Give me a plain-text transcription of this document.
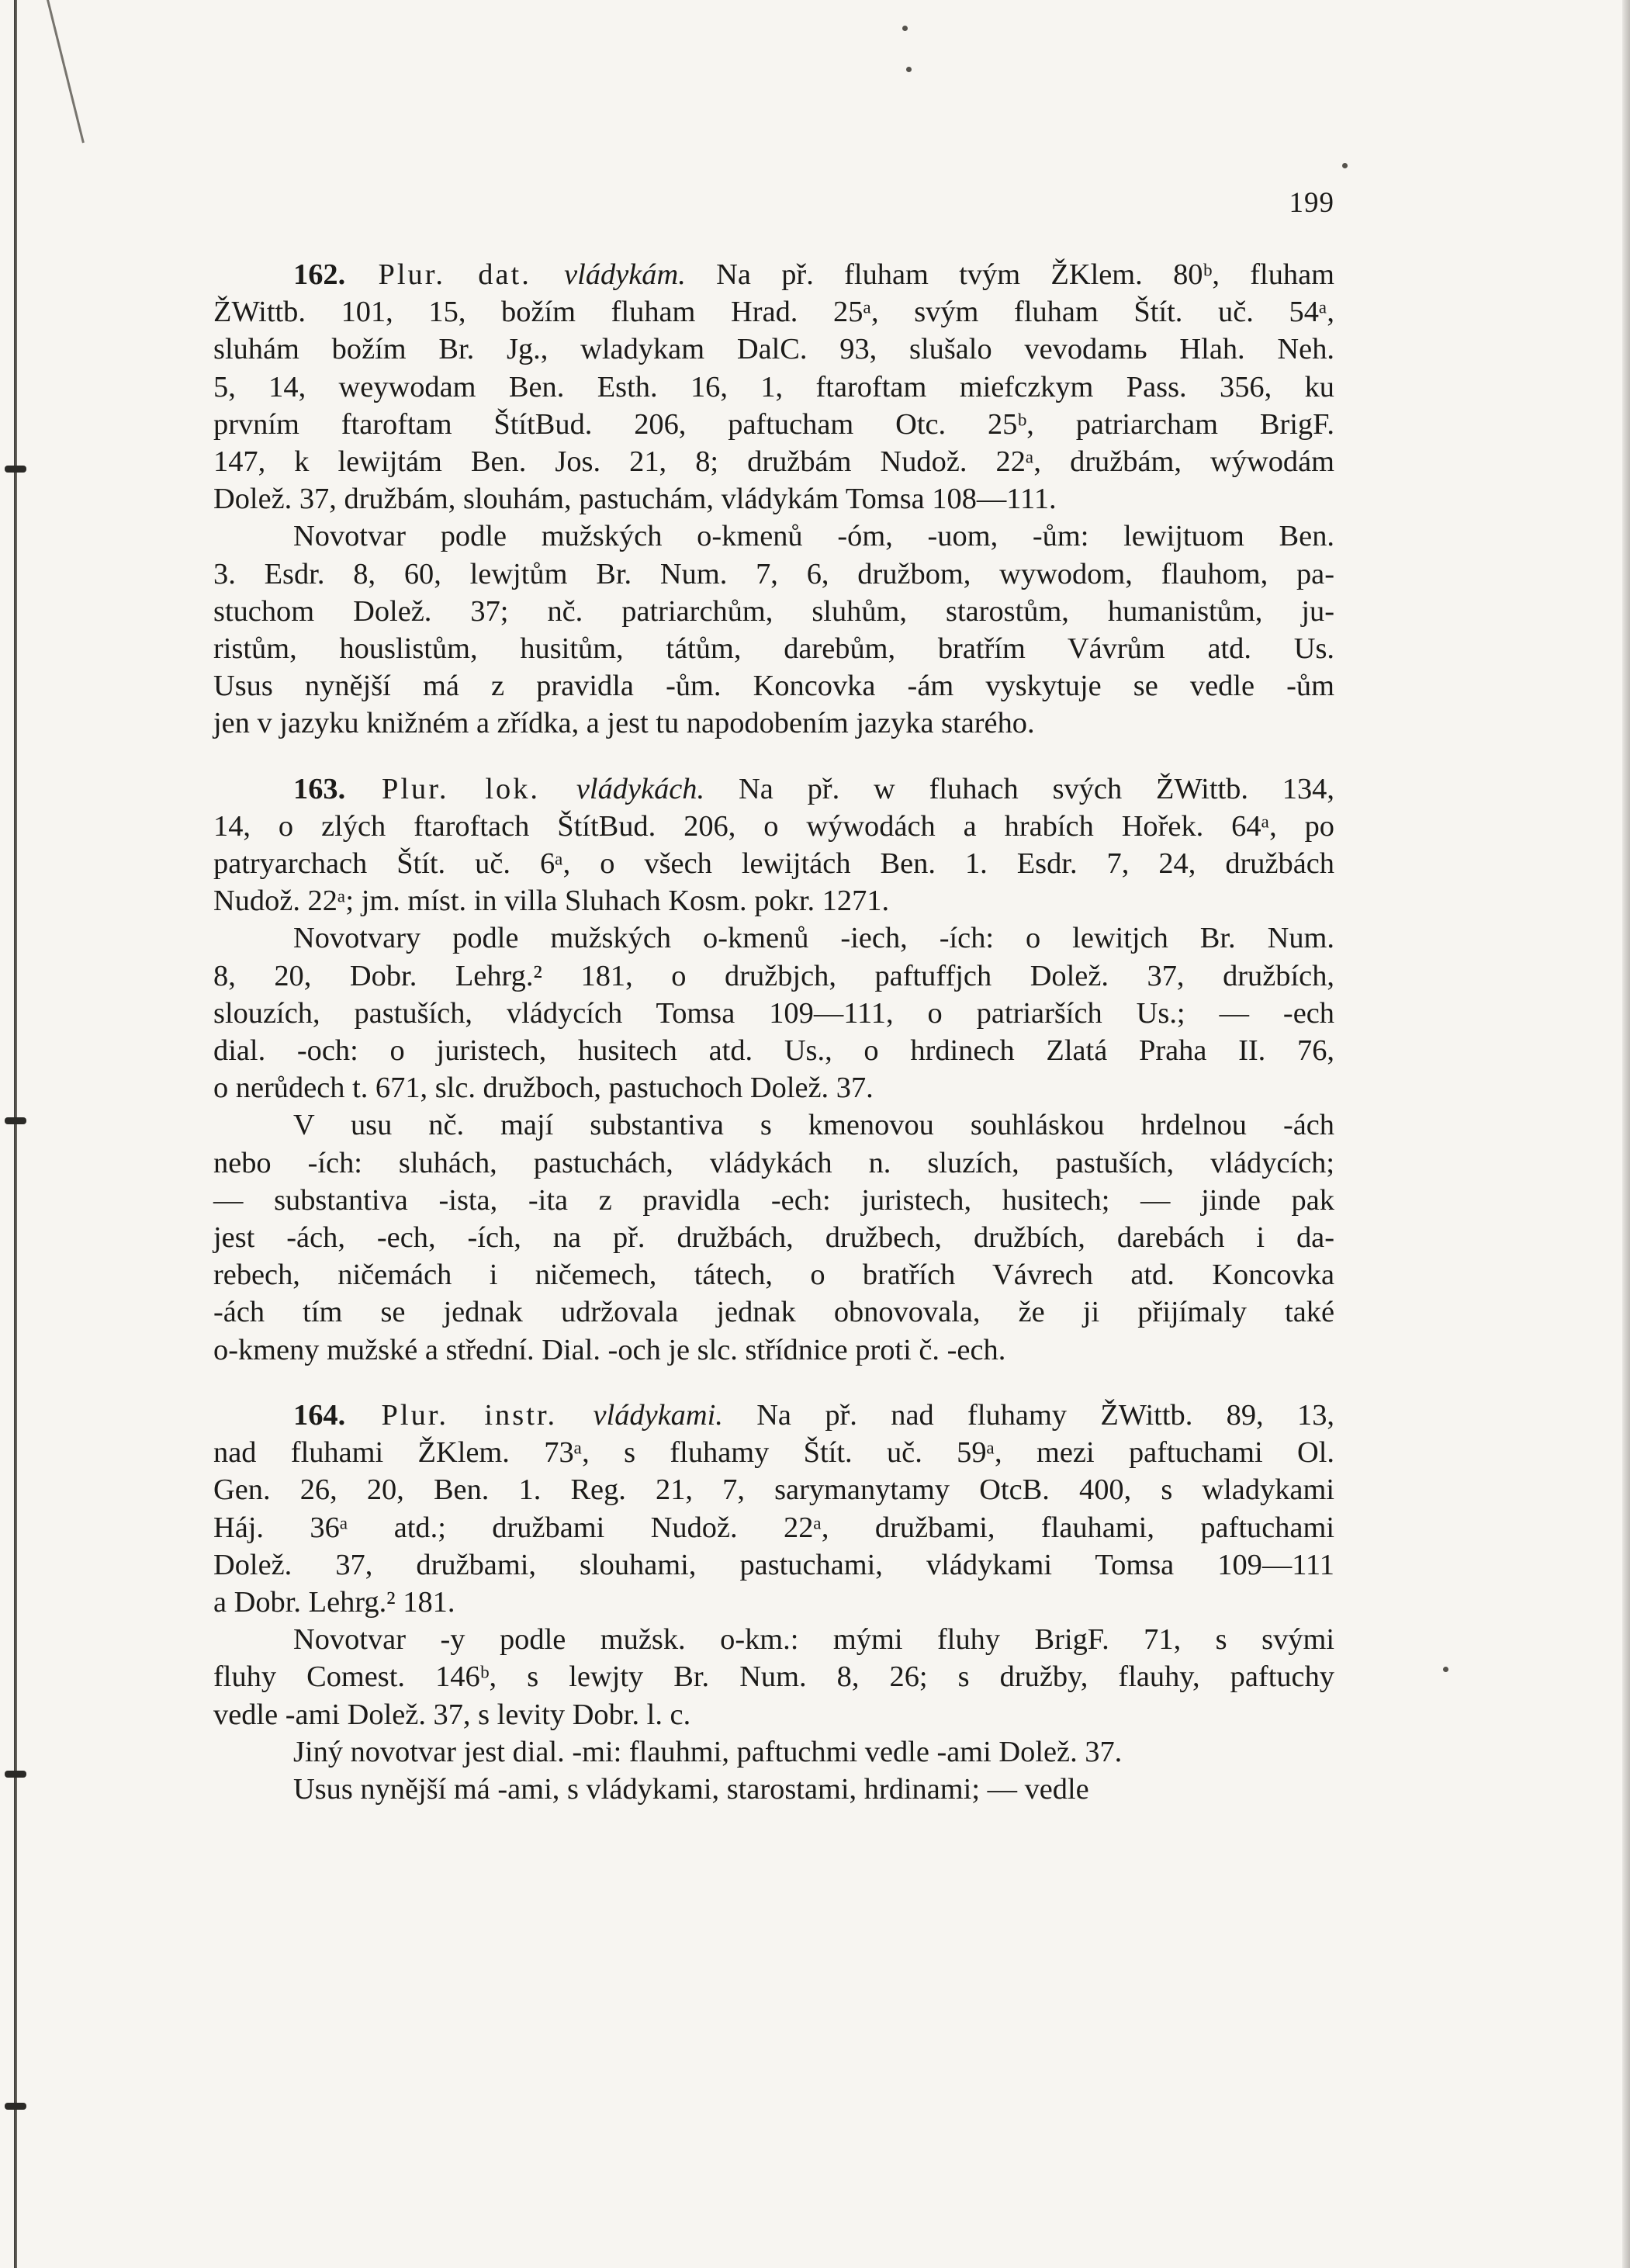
199
162. Plur. dat. vládykám. Na př. fluham tvým ŽKlem. 80ᵇ, fluham
ŽWittb. 101, 15, božím fluham Hrad. 25ᵃ, svým fluham Štít. uč. 54ᵃ,
sluhám božím Br. Jg., wladykam DalC. 93, slušalo vevodamь Hlah. Neh.
5, 14, weywodam Ben. Esth. 16, 1, ftaroftam miefczkym Pass. 356, ku
prvním ftaroftam ŠtítBud. 206, paftucham Otc. 25ᵇ, patriarcham BrigF.
147, k lewijtám Ben. Jos. 21, 8; družbám Nudož. 22ᵃ, družbám, wýwodám
Dolež. 37, družbám, slouhám, pastuchám, vládykám Tomsa 108—111.
Novotvar podle mužských o-kmenů -óm, -uom, -ům: lewijtuom Ben.
3. Esdr. 8, 60, lewjtům Br. Num. 7, 6, družbom, wywodom, flauhom, pa-
stuchom Dolež. 37; nč. patriarchům, sluhům, starostům, humanistům, ju-
ristům, houslistům, husitům, tátům, darebům, bratřím Vávrům atd. Us.
Usus nynější má z pravidla -ům. Koncovka -ám vyskytuje se vedle -ům
jen v jazyku knižném a zřídka, a jest tu napodobením jazyka starého.
163. Plur. lok. vládykách. Na př. w fluhach svých ŽWittb. 134,
14, o zlých ftaroftach ŠtítBud. 206, o wýwodách a hrabích Hořek. 64ᵃ, po
patryarchach Štít. uč. 6ᵃ, o všech lewijtách Ben. 1. Esdr. 7, 24, družbách
Nudož. 22ᵃ; jm. míst. in villa Sluhach Kosm. pokr. 1271.
Novotvary podle mužských o-kmenů -iech, -ích: o lewitjch Br. Num.
8, 20, Dobr. Lehrg.² 181, o družbjch, paftuffjch Dolež. 37, družbích,
slouzích, pastuších, vládycích Tomsa 109—111, o patriarších Us.; — -ech
dial. -och: o juristech, husitech atd. Us., o hrdinech Zlatá Praha II. 76,
o nerůdech t. 671, slc. družboch, pastuchoch Dolež. 37.
V usu nč. mají substantiva s kmenovou souhláskou hrdelnou -ách
nebo -ích: sluhách, pastuchách, vládykách n. sluzích, pastuších, vládycích;
— substantiva -ista, -ita z pravidla -ech: juristech, husitech; — jinde pak
jest -ách, -ech, -ích, na př. družbách, družbech, družbích, darebách i da-
rebech, ničemách i ničemech, tátech, o bratřích Vávrech atd. Koncovka
-ách tím se jednak udržovala jednak obnovovala, že ji přijímaly také
o-kmeny mužské a střední. Dial. -och je slc. střídnice proti č. -ech.
164. Plur. instr. vládykami. Na př. nad fluhamy ŽWittb. 89, 13,
nad fluhami ŽKlem. 73ᵃ, s fluhamy Štít. uč. 59ᵃ, mezi paftuchami Ol.
Gen. 26, 20, Ben. 1. Reg. 21, 7, sarymanytamy OtcB. 400, s wladykami
Háj. 36ᵃ atd.; družbami Nudož. 22ᵃ, družbami, flauhami, paftuchami
Dolež. 37, družbami, slouhami, pastuchami, vládykami Tomsa 109—111
a Dobr. Lehrg.² 181.
Novotvar -y podle mužsk. o-km.: mými fluhy BrigF. 71, s svými
fluhy Comest. 146ᵇ, s lewjty Br. Num. 8, 26; s družby, flauhy, paftuchy
vedle -ami Dolež. 37, s levity Dobr. l. c.
Jiný novotvar jest dial. -mi: flauhmi, paftuchmi vedle -ami Dolež. 37.
Usus nynější má -ami, s vládykami, starostami, hrdinami; — vedle
